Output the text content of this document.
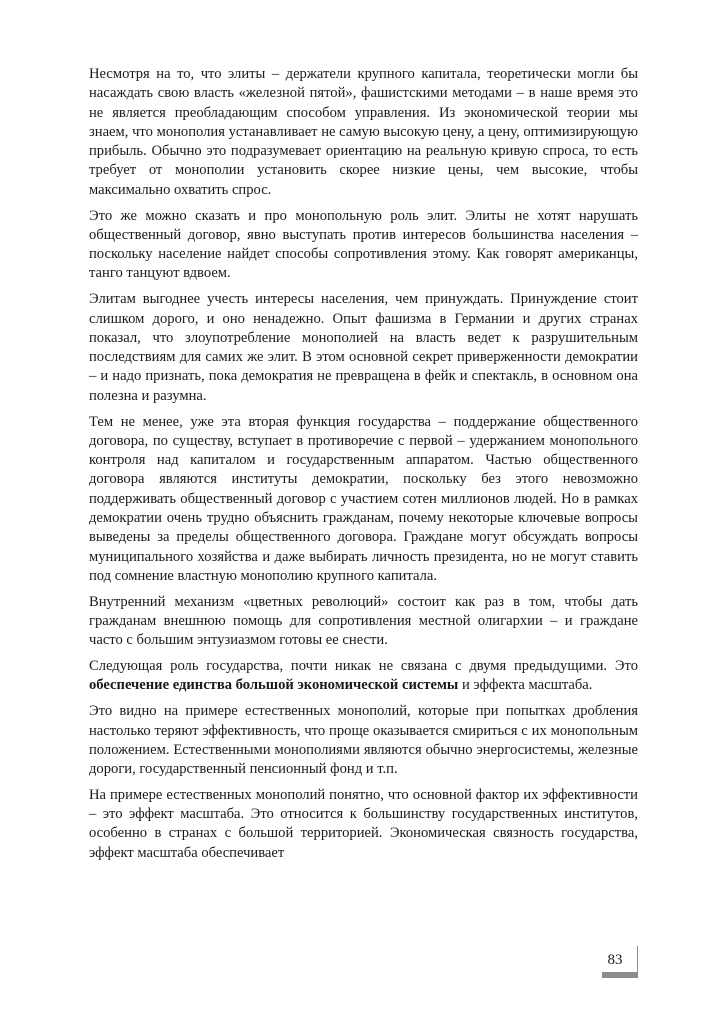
Несмотря на то, что элиты – держатели крупного капитала, теоретически могли бы насаждать свою власть «железной пятой», фашистскими методами – в наше время это не является преобладающим способом управления. Из экономической теории мы знаем, что монополия устанавливает не самую высокую цену, а цену, оптимизирующую прибыль. Обычно это подразумевает ориентацию на реальную кривую спроса, то есть требует от монополии установить скорее низкие цены, чем высокие, чтобы максимально охватить спрос.

Это же можно сказать и про монопольную роль элит. Элиты не хотят нарушать общественный договор, явно выступать против интересов большинства населения – поскольку население найдет способы сопротивления этому. Как говорят американцы, танго танцуют вдвоем.

Элитам выгоднее учесть интересы населения, чем принуждать. Принуждение стоит слишком дорого, и оно ненадежно. Опыт фашизма в Германии и других странах показал, что злоупотребление монополией на власть ведет к разрушительным последствиям для самих же элит. В этом основной секрет приверженности демократии – и надо признать, пока демократия не превращена в фейк и спектакль, в основном она полезна и разумна.

Тем не менее, уже эта вторая функция государства – поддержание общественного договора, по существу, вступает в противоречие с первой – удержанием монопольного контроля над капиталом и государственным аппаратом. Частью общественного договора являются институты демократии, поскольку без этого невозможно поддерживать общественный договор с участием сотен миллионов людей. Но в рамках демократии очень трудно объяснить гражданам, почему некоторые ключевые вопросы выведены за пределы общественного договора. Граждане могут обсуждать вопросы муниципального хозяйства и даже выбирать личность президента, но не могут ставить под сомнение властную монополию крупного капитала.

Внутренний механизм «цветных революций» состоит как раз в том, чтобы дать гражданам внешнюю помощь для сопротивления местной олигархии – и граждане часто с большим энтузиазмом готовы ее снести.

Следующая роль государства, почти никак не связана с двумя предыдущими. Это обеспечение единства большой экономической системы и эффекта масштаба.

Это видно на примере естественных монополий, которые при попытках дробления настолько теряют эффективность, что проще оказывается смириться с их монопольным положением. Естественными монополиями являются обычно энергосистемы, железные дороги, государственный пенсионный фонд и т.п.

На примере естественных монополий понятно, что основной фактор их эффективности – это эффект масштаба. Это относится к большинству государственных институтов, особенно в странах с большой территорией. Экономическая связность государства, эффект масштаба обеспечивает

83
